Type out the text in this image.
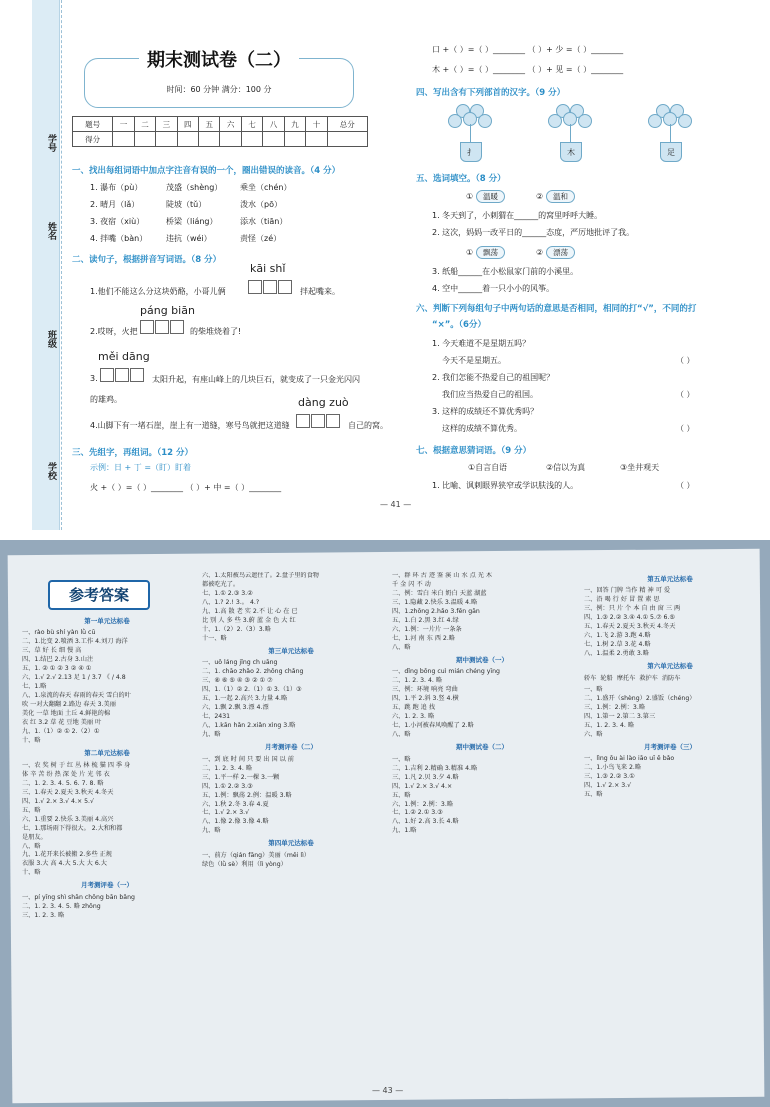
学号
姓名
班级
学校
期末测试卷（二）
时间：60 分钟 满分：100 分
题号	一	二	三	四	五	六	七	八	九	十	总分
得分											
一、找出每组词语中加点字注音有误的一个，圈出错误的读音。（4 分）
1. 瀑布（pù）	茂盛（shèng） 乘坐（chén）
2. 晴月（lǎ）	陡坡（tǔ）	泼水（pō）
3. 夜宿（xiù）	桥梁（liáng）	添水（tiān）
4. 拌嘴（bàn） 违抗（wéi）	责怪（zé）
二、读句子，根据拼音写词语。（8 分）
kāi shǐ
1.他们不能这么分这块奶酪，小哥儿俩	拌起嘴来。
páng biān
2.哎呀，火把	的柴堆烧着了!
měi dāng
3.	太阳升起，有座山峰上的几块巨石，就变成了一只金光闪闪
的雄鸡。	dàng zuò
4.山脚下有一堵石崖，崖上有一道缝，寒号鸟就把这道缝	自己的窝。
三、先组字，再组词。（12 分）
示例：日 + 丁 =（盯）盯着
火 +（ ）=（ ）________ （ ）+ 中 =（ ）________
— 41 —
口 +（ ）=（ ）________ （ ）+ 少 =（ ）________
木 +（ ）=（ ）________ （ ）+ 见 =（ ）________
四、写出含有下列部首的汉字。（9 分）
扌	木	足
五、选词填空。（8 分）
①	温暖	②	温和
1. 冬天到了，小刺猬在______的窝里呼呼大睡。
2. 这次，妈妈一改平日的______态度，严厉地批评了我。
①	飘荡	②	漂荡
3. 纸船______在小松鼠家门前的小溪里。
4. 空中______着一只小小的风筝。
六、判断下列每组句子中两句话的意思是否相同，相同的打“√”，不同的打
“×”。（6分）
1. 今天难道不是星期五吗？
今天不是星期五。	（ ）
2. 我们怎能不热爱自己的祖国呢？
我们应当热爱自己的祖国。	（ ）
3. 这样的成绩还不算优秀吗？
这样的成绩不算优秀。	（ ）
七、根据意思猜词语。（9 分）
①自言自语	②信以为真	③坐井观天
1. 比喻、讽刺眼界狭窄或学识肤浅的人。	（ ）
参考答案
第一单元达标卷

一、rào bù shí yàn lǜ cū

二、1.比变 2.喷洒 3.工作 4.刘刀 海洋

三、草 好 长 细 慢 高

四、1.结巴 2.古身 3.山注

五、1. ② ① ② 3 ② ④ ①

六、1.√ 2.√ 2.13 足 1 / 3.7 《 / 4.8

七、1.略

八、1.泉流的春天 春雨的春天 雪白的叶

吹 一对大翻翻 2.路边 春天 3.美丽

美化 一草 地面 土丘 4.鲜艳的棉

衣 红 3.2 草 花 豆地 美丽 叶

九、1.（1）② ① 2.（2）①

十、略

第二单元达标卷

一、农 奖 树 于 红 丛 林 梳 猫 四 季 身

体 辛 苦 纷 热 深 处 片 光 邻 衣

二、1. 2. 3. 4. 5. 6. 7. 8. 略

三、1.春天 2.夏天 3.秋天 4.冬天

四、1.√ 2.× 3.√ 4.× 5.√

五、略

六、1.重要 2.快乐 3.美丽 4.高兴

七、1.那场雨下得很大。 2.大和和都

是朋友。

八、略

九、1.花开来长被搬 2.多些 正规

衣服 3.大 高 4.大 5.大 大 6.大

十、略

月考测评卷（一）

一、pí yīng shì shān chōng bān bǎng

二、1. 2. 3. 4. 5. 略 zhōng

三、1. 2. 3. 略

六、1.太阳被鸟云遮住了。2.盘子里的食物

都被吃光了。

七、1.① 2.③ 3.②

八、1.? 2.! 3.。 4.?

九、1.高 散 老 实 2.不 让 心 在 已

比 别 人 多 些 3.蔚 蓝 金 色 大 红

十、1.（2）2.（3）3.略

十一、略

第三单元达标卷

一、uǒ láng jǐng ch uāng

二、1. chāo zhǎo 2. zhōng chǎng

三、⑧ ⑥ ⑤ ④ ③ ② ① ⑦

四、1.（1）② 2.（1）① 3.（1）③

五、1.一起 2.高兴 3.力量 4.略

六、1.飘 2.飘 3.漂 4.漂

七、2431

八、1.kān hǎn 2.xiǎn xìng 3.略

九、略

月考测评卷（二）

一、到 底 时 间 只 要 出 国 以 前

二、1. 2. 3. 4. 略

三、1.平一样 2.一棵 3.一颗

四、1.① 2.② 3.③

五、1.例：飘荡 2.例：温暖 3.略

六、1.秋 2.冬 3.春 4.夏

七、1.√ 2.× 3.√

八、1.像 2.像 3.像 4.略

九、略

第四单元达标卷

一、前方（qián fāng）美丽（měi lì）

绿色（lǜ sè）利用（lì yòng）

一、群 环 古 迹 鉴 溪 山 水 点 光 木

千 金 闪 不 动

二、例：雪白 米白 奶白 天蓝 湖蓝

三、1.隐藏 2.快乐 3.温暖 4.略

四、1.zhōng 2.hǎo 3.fēn gān

五、1.白 2.黑 3.红 4.绿

六、1.例：一片片 一条条

七、1.河 南 东 西 2.略

八、略

期中测试卷（一）

一、dǐng bōng cuì mián chéng yīng

二、1. 2. 3. 4. 略

三、例：环境 响亮 弯曲

四、1.平 2.斜 3.竖 4.横

五、跳 跑 追 找

六、1. 2. 3. 略

七、1.小河被春风唤醒了 2.略

八、略

期中测试卷（二）

一、略

二、1.吉利 2.精确 3.精准 4.略

三、1.凡 2.贝 3.夕 4.略

四、1.√ 2.× 3.√ 4.×

五、略

六、1.例：2.例：3.略

七、1.② 2.① 3.③

八、1.好 2.高 3.长 4.略

九、1.略

第五单元达标卷

一、回答 门牌 当作 精 神 可 爱

二、沿 喝 行 好 冒 置 素 思

三、例：只 片 个 本 自 由 窗 三 两

四、1.③ 2.② 3.④ 4.① 5.⑦ 6.⑤

五、1.春天 2.夏天 3.秋天 4.冬天

六、1.飞 2.游 3.跑 4.略

七、1.树 2.草 3.花 4.略

八、1.温柔 2.勇敢 3.略

第六单元达标卷
轿车 轮船 摩托车 救护车 消防车

一、略

二、1.盛开（shèng）2.盛饭（chéng）

三、1.例：2.例：3.略

四、1.第一 2.第二 3.第三

五、1. 2. 3. 4. 略

六、略

月考测评卷（三）

一、lìng ōu ài lào iāo uī ē bǎo

二、1.小鸟飞来 2.略

三、1.③ 2.② 3.①

四、1.√ 2.× 3.√

五、略

— 43 —
